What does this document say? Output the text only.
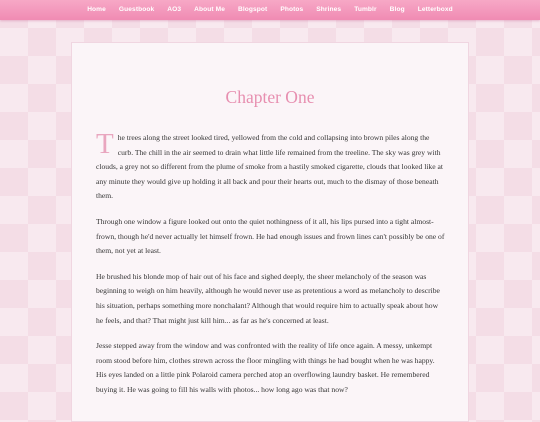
Home	Guestbook	AO3	About Me	Blogspot	Photos	Shrines	Tumblr	Blog	Letterboxd
Chapter One

The trees along the street looked tired, yellowed from the cold and collapsing into brown piles along the curb. The chill in the air seemed to drain what little life remained from the treeline. The sky was grey with clouds, a grey not so different from the plume of smoke from a hastily smoked cigarette, clouds that looked like at any minute they would give up holding it all back and pour their hearts out, much to the dismay of those beneath them.

Through one window a figure looked out onto the quiet nothingness of it all, his lips pursed into a tight almost-frown, though he'd never actually let himself frown. He had enough issues and frown lines can't possibly be one of them, not yet at least.

He brushed his blonde mop of hair out of his face and sighed deeply, the sheer melancholy of the season was beginning to weigh on him heavily, although he would never use as pretentious a word as melancholy to describe his situation, perhaps something more nonchalant? Although that would require him to actually speak about how he feels, and that? That might just kill him... as far as he's concerned at least.

Jesse stepped away from the window and was confronted with the reality of life once again. A messy, unkempt room stood before him, clothes strewn across the floor mingling with things he had bought when he was happy. His eyes landed on a little pink Polaroid camera perched atop an overflowing laundry basket. He remembered buying it. He was going to fill his walls with photos... how long ago was that now?
